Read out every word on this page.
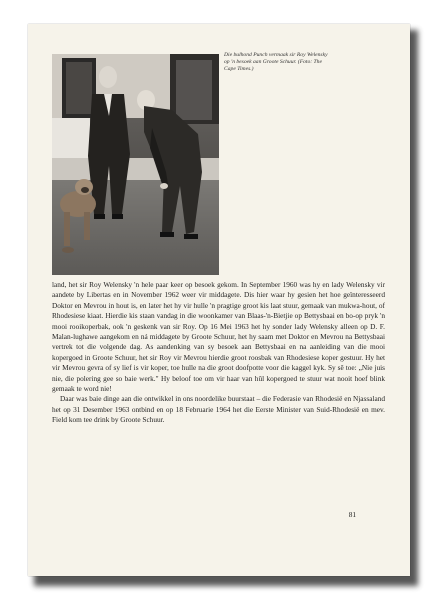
Die bulhond Punch vermaak sir Roy Welensky op 'n besoek aan Groote Schuur. (Foto: The Cape Times.)

land, het sir Roy Welensky 'n hele paar keer op besoek gekom. In September 1960 was hy en lady Welensky vir aandete by Libertas en in November 1962 weer vir middagete. Dis hier waar hy gesien het hoe geïnteresseerd Doktor en Mevrou in hout is, en later het hy vir hulle 'n pragtige groot kis laat stuur, gemaak van mukwa-hout, of Rhodesiese kiaat. Hierdie kis staan vandag in die woonkamer van Blaas-'n-Bietjie op Bettysbaai en bo-op pryk 'n mooi rooikoperbak, ook 'n geskenk van sir Roy. Op 16 Mei 1963 het hy sonder lady Welensky alleen op D. F. Malan-lughawe aangekom en ná middagete by Groote Schuur, het hy saam met Doktor en Mevrou na Bettysbaai vertrek tot die volgende dag. As aandenking van sy besoek aan Bettysbaai en na aanleiding van die mooi kopergoed in Groote Schuur, het sir Roy vir Mevrou hierdie groot roosbak van Rhodesiese koper gestuur. Hy het vir Mevrou gevra of sy lief is vir koper, toe hulle na die groot doofpotte voor die kaggel kyk. Sy sê toe: „Nie juis nie, die polering gee so baie werk." Hy beloof toe om vir haar van hûl kopergoed te stuur wat nooit hoef blink gemaak te word nie!

Daar was baie dinge aan die ontwikkel in ons noordelike buurstaat – die Federasie van Rhodesië en Njassaland het op 31 Desember 1963 ontbind en op 18 Februarie 1964 het die Eerste Minister van Suid-Rhodesië en mev. Field kom tee drink by Groote Schuur.

81
